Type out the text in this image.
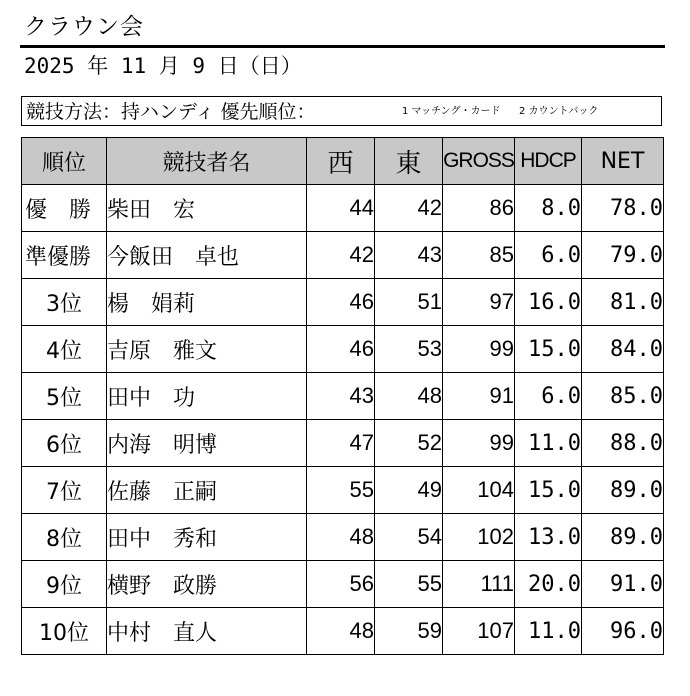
クラウン会
2025 年 11 月 9 日（日）
競技方法：持ハンディ 優先順位：	1 マッチング・カード 2 カウントバック
順位	競技者名	西	東	GROSS	HDCP	NET
優　勝	柴田　宏	44	42	86	8.0	78.0
準優勝	今飯田　卓也	42	43	85	6.0	79.0
3位	楊　娟莉	46	51	97	16.0	81.0
4位	吉原　雅文	46	53	99	15.0	84.0
5位	田中　功	43	48	91	6.0	85.0
6位	内海　明博	47	52	99	11.0	88.0
7位	佐藤　正嗣	55	49	104	15.0	89.0
8位	田中　秀和	48	54	102	13.0	89.0
9位	横野　政勝	56	55	111	20.0	91.0
10位	中村　直人	48	59	107	11.0	96.0
